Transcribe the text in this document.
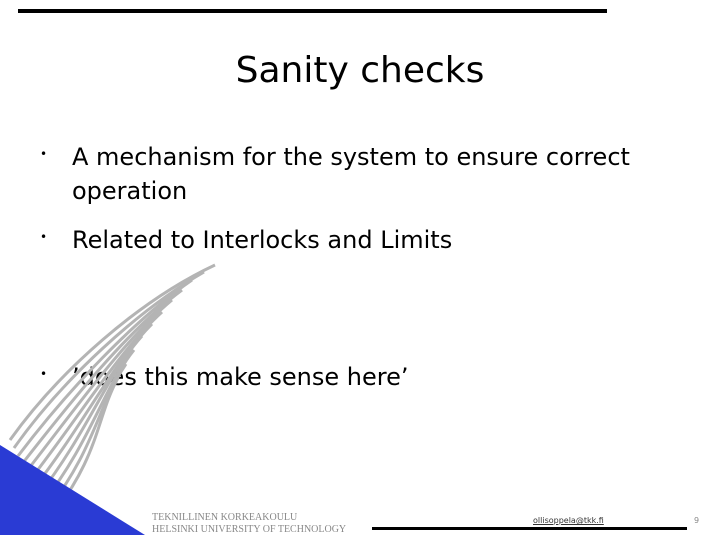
Sanity checks
• A mechanism for the system to ensure correct operation
• Related to Interlocks and Limits
• ’does this make sense here’
TEKNILLINEN KORKEAKOULU
HELSINKI UNIVERSITY OF TECHNOLOGY
ollisoppela@tkk.fi	9
